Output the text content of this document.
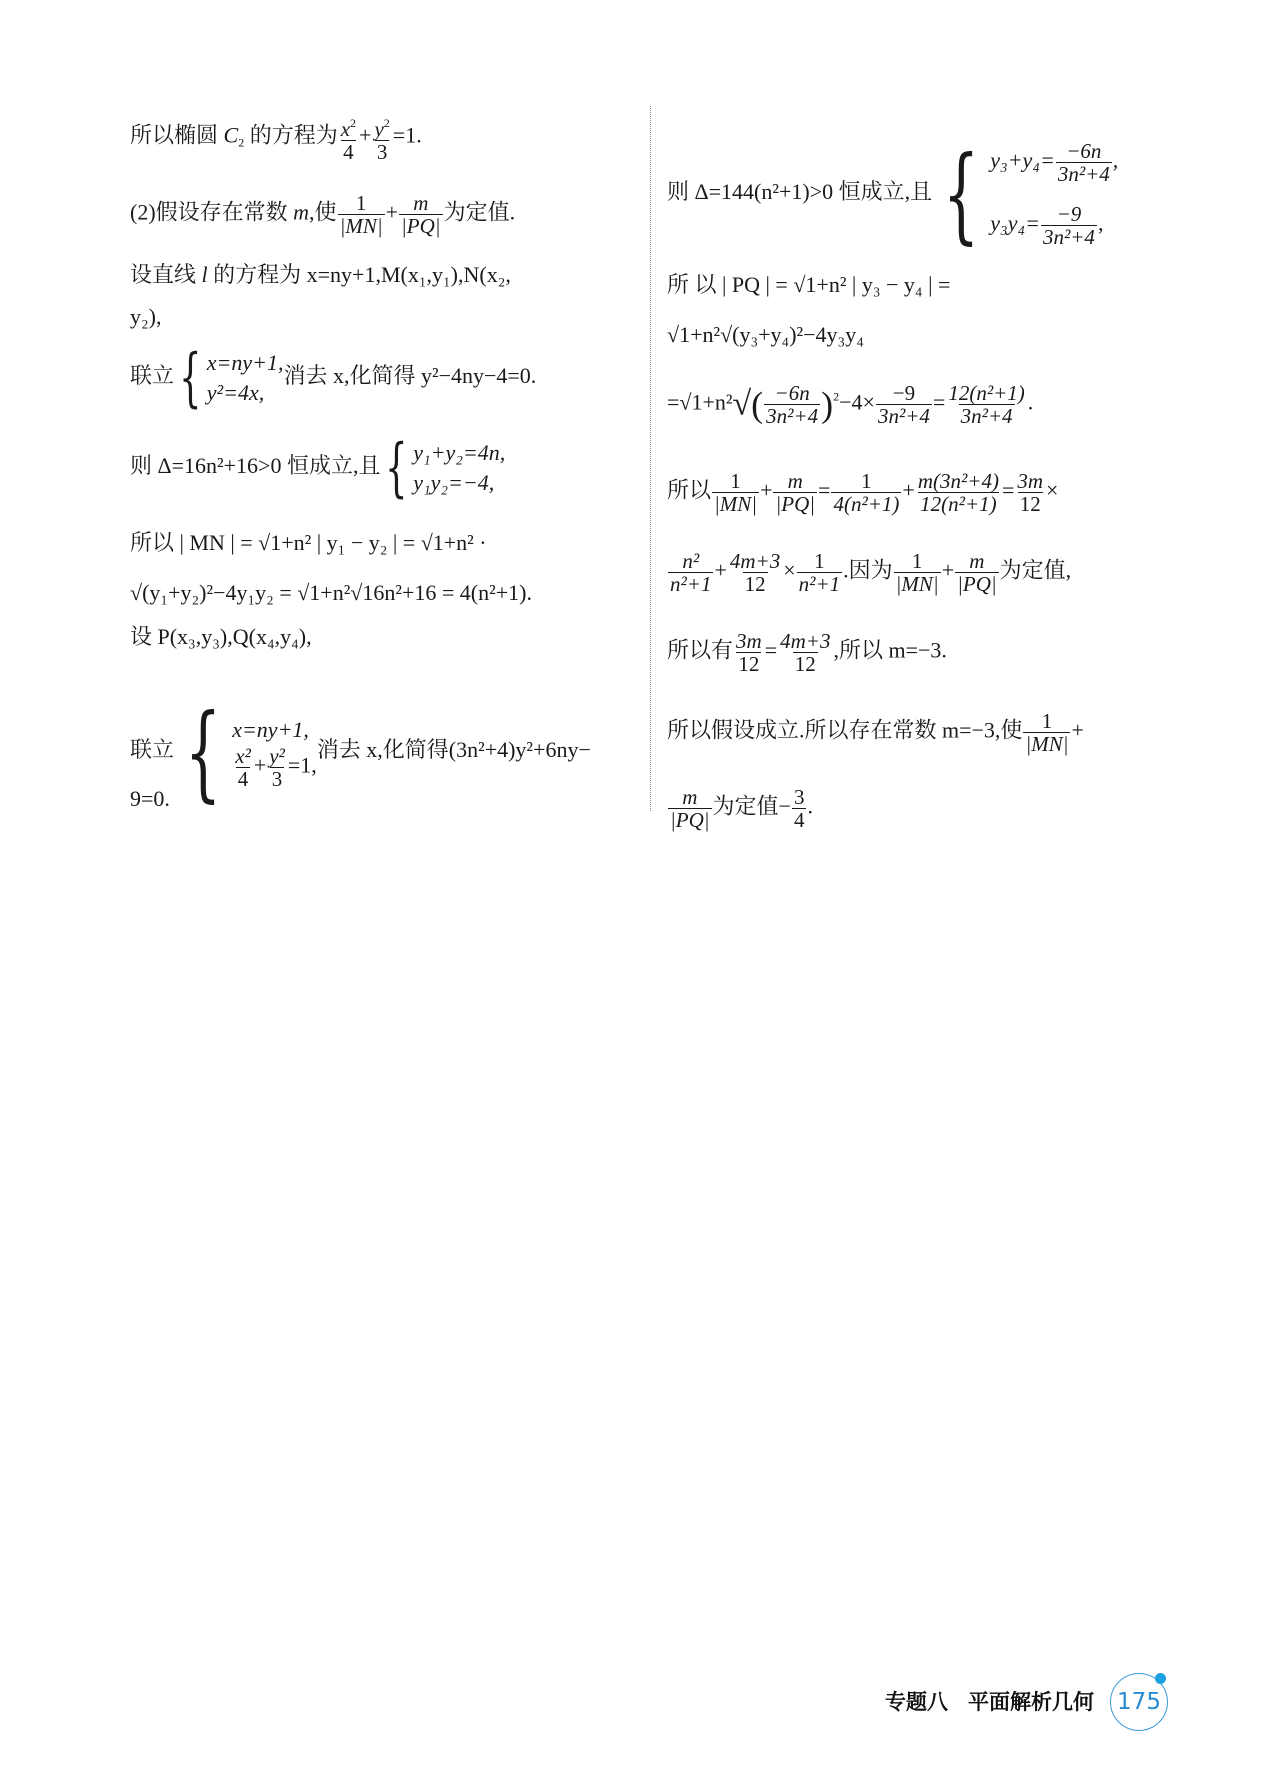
所以椭圆 $C_2$ 的方程为 $\frac{x^2}{4} + \frac{y^2}{3} =1$.
(2)假设存在常数 m,使 $\frac{1}{|MN|} + \frac{m}{|PQ|}$ 为定值.
设直线 l 的方程为 x=ny+1,M(x₁,y₁),N(x₂,
y₂),
联立 { x=ny+1,
y²=4x,
消去 x,化简得 y²−4ny−4=0.
则 Δ=16n²+16>0 恒成立,且 { y₁+y₂=4n,
y₁y₂=−4,
所以 | MN | = √1+n² | y₁ − y₂ | = √1+n² ·
√(y₁+y₂)²−4y₁y₂ = √1+n²√16n²+16 = 4(n²+1).
设 P(x₃,y₃),Q(x₄,y₄),
联立 { x=ny+1,
$\frac{\text{x²}}{4} + \frac{\text{y²}}{3} =1$,
消去 x,化简得(3n²+4)y²+6ny−
9=0.
则 Δ=144(n²+1)>0 恒成立,且 { $y_3+y_4= \frac{-6n}{\text{3n²+4}}$ ,
$y_3y_4= \frac{-9}{\text{3n²+4}}$ ,
所 以 | PQ | = √1+n² | y₃ − y₄ | =
√1+n²√(y₃+y₄)²−4y₃y₄
$=√1+n^2√( \frac{-6n}{\text{3n²+4}} )^2-4\times \frac{-9}{\text{3n²+4}} = \frac{\text{12(n²+1)}}{\text{3n²+4}}$ .
所以 $\frac{1}{|MN|} + \frac{m}{|PQ|} = \frac{1}{\text{4(n²+1)}} + \frac{\text{m(3n²+4)}}{\text{12(n²+1)}} = \frac{3m}{12}$ ×
$\frac{\text{n²}}{\text{n²+1}} + \frac{4m+3}{12} \times \frac{1}{\text{n²+1}}$ .因为 $\frac{1}{|MN|} + \frac{m}{|PQ|}$ 为定值,
所以有 $\frac{3m}{12} = \frac{4m+3}{12}$ ,所以 m=−3.
所以假设成立.所以存在常数 m=−3,使 $\frac{1}{|MN|}$ +
$\frac{m}{|PQ|}$ 为定值− $\frac{3}{4}$ .
专题八 平面解析几何 175
